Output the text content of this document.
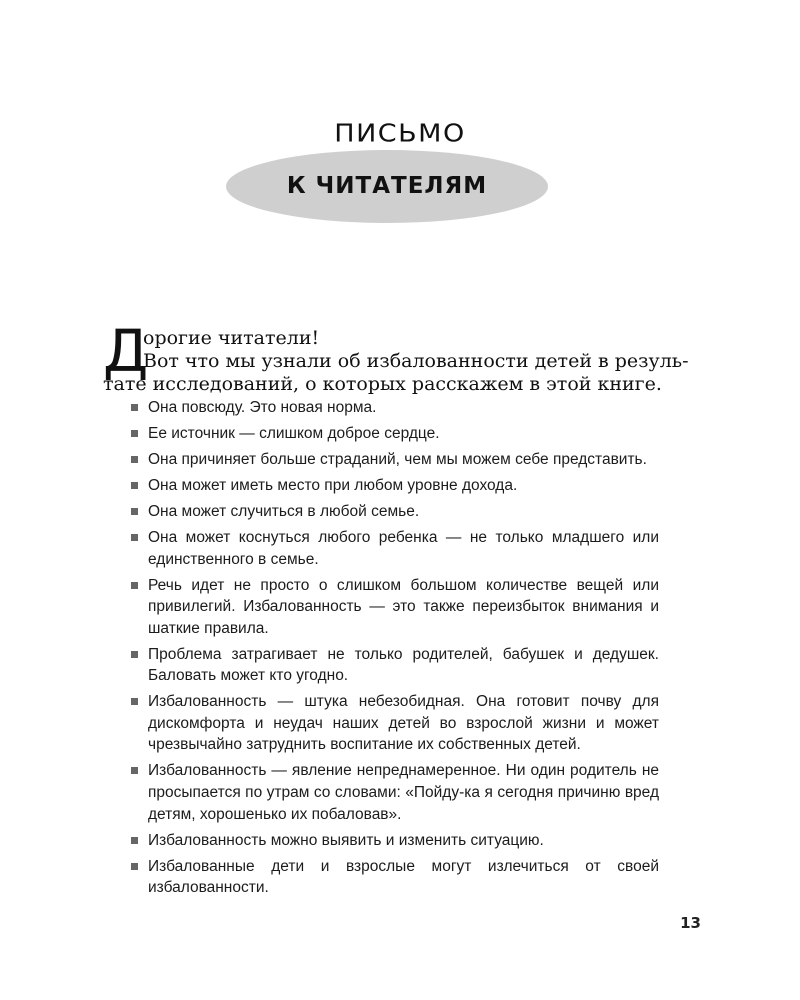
ПИСЬМО
К ЧИТАТЕЛЯМ
Д
орогие читатели!
Вот что мы узнали об избалованности детей в резуль-
тате исследований, о которых расскажем в этой книге.
Она повсюду. Это новая норма.
Ее источник — слишком доброе сердце.
Она причиняет больше страданий, чем мы можем себе представить.
Она может иметь место при любом уровне дохода.
Она может случиться в любой семье.
Она может коснуться любого ребенка — не только младшего или единственного в семье.
Речь идет не просто о слишком большом количестве вещей или привилегий. Избалованность — это также переизбыток внимания и шаткие правила.
Проблема затрагивает не только родителей, бабушек и дедушек. Баловать может кто угодно.
Избалованность — штука небезобидная. Она готовит почву для дискомфорта и неудач наших детей во взрослой жизни и может чрезвычайно затруднить воспитание их собственных детей.
Избалованность — явление непреднамеренное. Ни один родитель не просыпается по утрам со словами: «Пойду-ка я сегодня причиню вред детям, хорошенько их побаловав».
Избалованность можно выявить и изменить ситуацию.
Избалованные дети и взрослые могут излечиться от своей избалованности.
13
